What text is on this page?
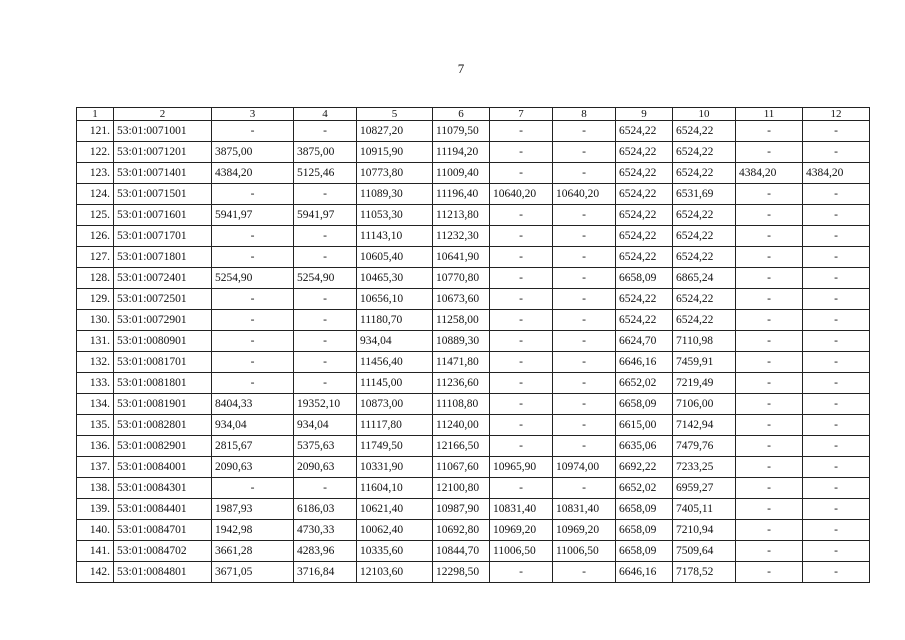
7
1	2	3	4	5	6	7	8	9	10	11	12
121.	53:01:0071001	-	-	10827,20	11079,50	-	-	6524,22	6524,22	-	-
122.	53:01:0071201	3875,00	3875,00	10915,90	11194,20	-	-	6524,22	6524,22	-	-
123.	53:01:0071401	4384,20	5125,46	10773,80	11009,40	-	-	6524,22	6524,22	4384,20	4384,20
124.	53:01:0071501	-	-	11089,30	11196,40	10640,20	10640,20	6524,22	6531,69	-	-
125.	53:01:0071601	5941,97	5941,97	11053,30	11213,80	-	-	6524,22	6524,22	-	-
126.	53:01:0071701	-	-	11143,10	11232,30	-	-	6524,22	6524,22	-	-
127.	53:01:0071801	-	-	10605,40	10641,90	-	-	6524,22	6524,22	-	-
128.	53:01:0072401	5254,90	5254,90	10465,30	10770,80	-	-	6658,09	6865,24	-	-
129.	53:01:0072501	-	-	10656,10	10673,60	-	-	6524,22	6524,22	-	-
130.	53:01:0072901	-	-	11180,70	11258,00	-	-	6524,22	6524,22	-	-
131.	53:01:0080901	-	-	934,04	10889,30	-	-	6624,70	7110,98	-	-
132.	53:01:0081701	-	-	11456,40	11471,80	-	-	6646,16	7459,91	-	-
133.	53:01:0081801	-	-	11145,00	11236,60	-	-	6652,02	7219,49	-	-
134.	53:01:0081901	8404,33	19352,10	10873,00	11108,80	-	-	6658,09	7106,00	-	-
135.	53:01:0082801	934,04	934,04	11117,80	11240,00	-	-	6615,00	7142,94	-	-
136.	53:01:0082901	2815,67	5375,63	11749,50	12166,50	-	-	6635,06	7479,76	-	-
137.	53:01:0084001	2090,63	2090,63	10331,90	11067,60	10965,90	10974,00	6692,22	7233,25	-	-
138.	53:01:0084301	-	-	11604,10	12100,80	-	-	6652,02	6959,27	-	-
139.	53:01:0084401	1987,93	6186,03	10621,40	10987,90	10831,40	10831,40	6658,09	7405,11	-	-
140.	53:01:0084701	1942,98	4730,33	10062,40	10692,80	10969,20	10969,20	6658,09	7210,94	-	-
141.	53:01:0084702	3661,28	4283,96	10335,60	10844,70	11006,50	11006,50	6658,09	7509,64	-	-
142.	53:01:0084801	3671,05	3716,84	12103,60	12298,50	-	-	6646,16	7178,52	-	-
